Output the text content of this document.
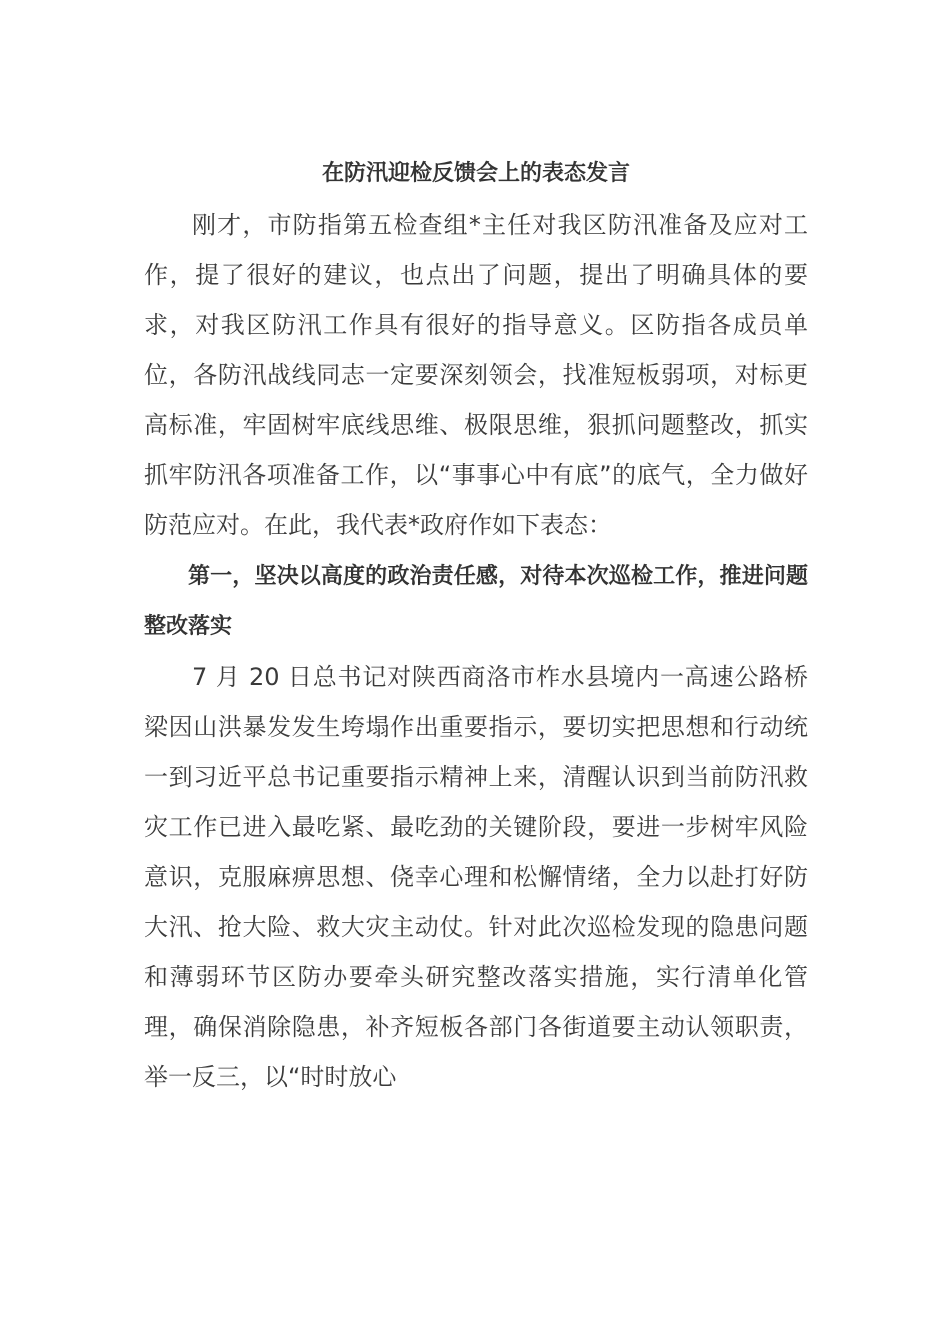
在防汛迎检反馈会上的表态发言

刚才，市防指第五检查组*主任对我区防汛准备及应对工作，提了很好的建议，也点出了问题，提出了明确具体的要求，对我区防汛工作具有很好的指导意义。区防指各成员单位，各防汛战线同志一定要深刻领会，找准短板弱项，对标更高标准，牢固树牢底线思维、极限思维，狠抓问题整改，抓实抓牢防汛各项准备工作，以“事事心中有底”的底气，全力做好防范应对。在此，我代表*政府作如下表态：

第一，坚决以高度的政治责任感，对待本次巡检工作，推进问题整改落实

7 月 20 日总书记对陕西商洛市柞水县境内一高速公路桥梁因山洪暴发发生垮塌作出重要指示，要切实把思想和行动统一到习近平总书记重要指示精神上来，清醒认识到当前防汛救灾工作已进入最吃紧、最吃劲的关键阶段，要进一步树牢风险意识，克服麻痹思想、侥幸心理和松懈情绪，全力以赴打好防大汛、抢大险、救大灾主动仗。针对此次巡检发现的隐患问题和薄弱环节区防办要牵头研究整改落实措施，实行清单化管理，确保消除隐患，补齐短板各部门各街道要主动认领职责，举一反三，以“时时放心
